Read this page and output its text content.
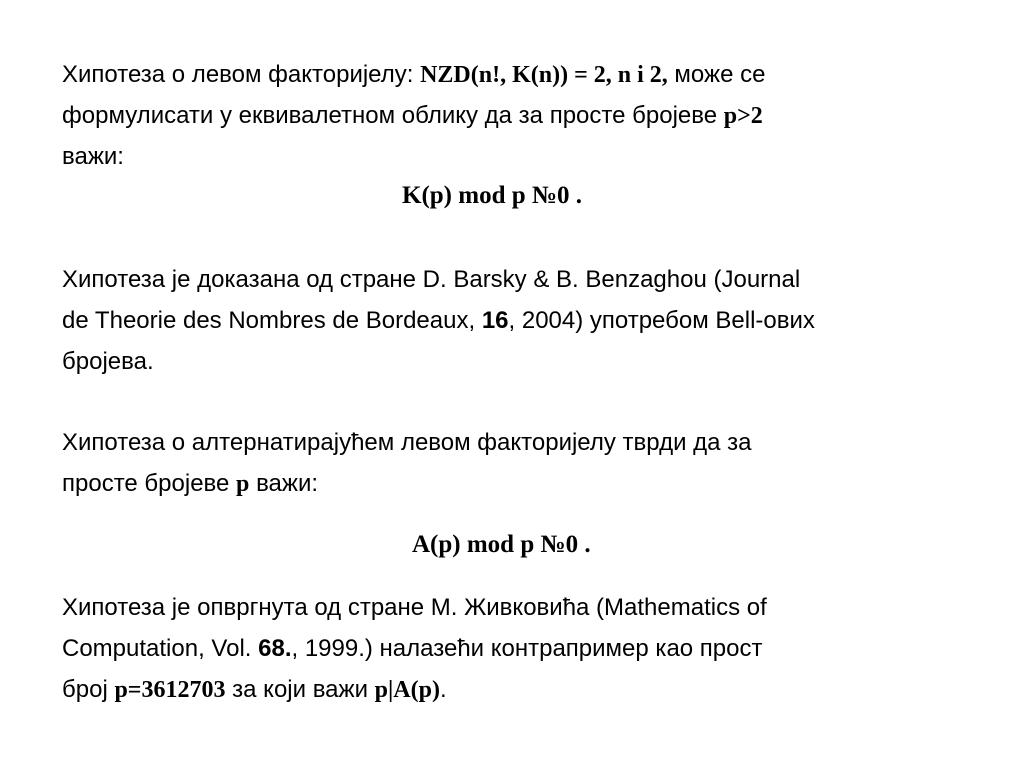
Хипотеза о левом факторијелу: NZD(n!, K(n)) = 2, n і 2, може се
формулисати у еквивалетном облику да за просте бројеве p>2
важи:
K(p) mod p №0 .
Хипотеза је доказана од стране D. Barsky & B. Benzaghou (Journal
de Theorie des Nombres de Bordeaux, 16, 2004) употребом Bell-ових
бројева.
Хипотеза о алтернатирајућем левом факторијелу тврди да за
просте бројеве p важи:
A(p) mod p №0 .
Хипотеза је опвргнута од стране М. Живковића (Mathematics of
Computation, Vol. 68., 1999.) налазећи контрапример као прост
број p=3612703 за који важи p|A(p).
